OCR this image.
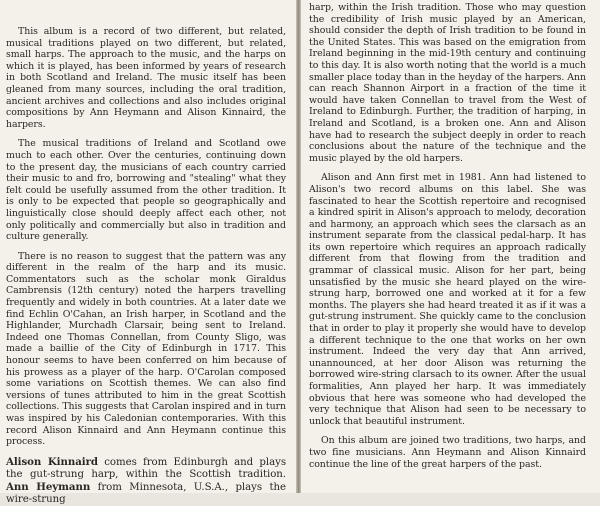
This album is a record of two different, but related, musical traditions played on two different, but related, small harps. The approach to the music, and the harps on which it is played, has been informed by years of research in both Scotland and Ireland. The music itself has been gleaned from many sources, including the oral tradition, ancient archives and collections and also includes original compositions by Ann Heymann and Alison Kinnaird, the harpers.

The musical traditions of Ireland and Scotland owe much to each other. Over the centuries, continuing down to the present day, the musicians of each country carried their music to and fro, borrowing and "stealing" what they felt could be usefully assumed from the other tradition. It is only to be expected that people so geographically and linguistically close should deeply affect each other, not only politically and commercially but also in tradition and culture generally.

There is no reason to suggest that the pattern was any different in the realm of the harp and its music. Commentators such as the scholar monk Giraldus Cambrensis (12th century) noted the harpers travelling frequently and widely in both countries. At a later date we find Echlin O'Cahan, an Irish harper, in Scotland and the Highlander, Murchadh Clarsair, being sent to Ireland. Indeed one Thomas Connellan, from County Sligo, was made a baillie of the City of Edinburgh in 1717. This honour seems to have been conferred on him because of his prowess as a player of the harp. O'Carolan composed some variations on Scottish themes. We can also find versions of tunes attributed to him in the great Scottish collections. This suggests that Carolan inspired and in turn was inspired by his Caledonian contemporaries. With this record Alison Kinnaird and Ann Heymann continue this process.

Alison Kinnaird comes from Edinburgh and plays the gut-strung harp, within the Scottish tradition. Ann Heymann from Minnesota, U.S.A., plays the wire-strung

harp, within the Irish tradition. Those who may question the credibility of Irish music played by an American, should consider the depth of Irish tradition to be found in the United States. This was based on the emigration from Ireland beginning in the mid-19th century and continuing to this day. It is also worth noting that the world is a much smaller place today than in the heyday of the harpers. Ann can reach Shannon Airport in a fraction of the time it would have taken Connellan to travel from the West of Ireland to Edinburgh. Further, the tradition of harping, in Ireland and Scotland, is a broken one. Ann and Alison have had to research the subject deeply in order to reach conclusions about the nature of the technique and the music played by the old harpers.

Alison and Ann first met in 1981. Ann had listened to Alison's two record albums on this label. She was fascinated to hear the Scottish repertoire and recognised a kindred spirit in Alison's approach to melody, decoration and harmony, an approach which sees the clarsach as an instrument separate from the classical pedal-harp. It has its own repertoire which requires an approach radically different from that flowing from the tradition and grammar of classical music. Alison for her part, being unsatisfied by the music she heard played on the wire-strung harp, borrowed one and worked at it for a few months. The players she had heard treated it as if it was a gut-strung instrument. She quickly came to the conclusion that in order to play it properly she would have to develop a different technique to the one that works on her own instrument. Indeed the very day that Ann arrived, unannounced, at her door Alison was returning the borrowed wire-string clarsach to its owner. After the usual formalities, Ann played her harp. It was immediately obvious that here was someone who had developed the very technique that Alison had seen to be necessary to unlock that beautiful instrument.

On this album are joined two traditions, two harps, and two fine musicians. Ann Heymann and Alison Kinnaird continue the line of the great harpers of the past.
